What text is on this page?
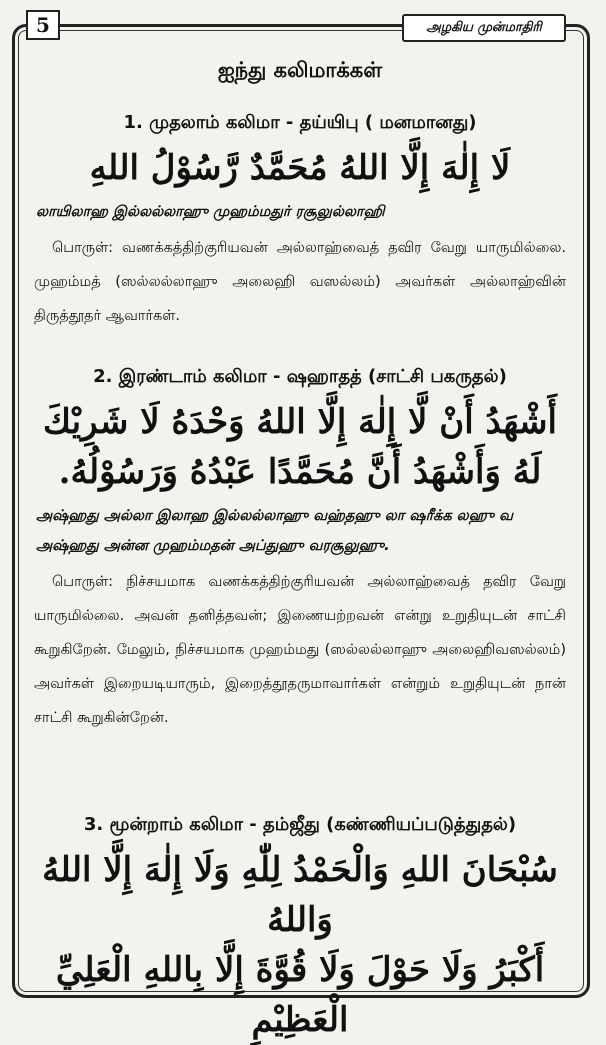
5	அழகிய முன்மாதிரி
ஐந்து கலிமாக்கள்
1. முதலாம் கலிமா - தய்யிபு ( மனமானது)

لَا إِلٰهَ إِلَّا اللهُ مُحَمَّدٌ رَّسُوْلُ اللهِ

லாயிலாஹ இல்லல்லாஹு முஹம்மதுர் ரசூலுல்லாஹி

பொருள்: வணக்கத்திற்குரியவன் அல்லாஹ்வைத் தவிர வேறு யாருமில்லை. முஹம்மத் (ஸல்லல்லாஹு அலைஹி வஸல்லம்) அவர்கள் அல்லாஹ்வின் திருத்தூதர் ஆவார்கள்.

2. இரண்டாம் கலிமா - ஷஹாதத் (சாட்சி பகருதல்)

أَشْهَدُ أَنْ لَّا إِلٰهَ إِلَّا اللهُ وَحْدَهُ لَا شَرِيْكَ

لَهُ وَأَشْهَدُ أَنَّ مُحَمَّدًا عَبْدُهُ وَرَسُوْلُهُ.

அஷ்ஹது அல்லா இலாஹ இல்லல்லாஹு வஹ்தஹு லா ஷரீக்க லஹு வ அஷ்ஹது அன்ன முஹம்மதன் அப்துஹு வரசூலுஹு.

பொருள்: நிச்சயமாக வணக்கத்திற்குரியவன் அல்லாஹ்வைத் தவிர வேறு யாருமில்லை. அவன் தனித்தவன்; இணையற்றவன் என்று உறுதியுடன் சாட்சி கூறுகிறேன். மேலும், நிச்சயமாக முஹம்மது (ஸல்லல்லாஹு அலைஹிவஸல்லம்) அவர்கள் இறையடியாரும், இறைத்தூதருமாவார்கள் என்றும் உறுதியுடன் நான் சாட்சி கூறுகின்றேன்.

3. மூன்றாம் கலிமா - தம்ஜீது (கண்ணியப்படுத்துதல்)

سُبْحَانَ اللهِ وَالْحَمْدُ لِلّٰهِ وَلَا إِلٰهَ إِلَّا اللهُ وَاللهُ

أَكْبَرُ وَلَا حَوْلَ وَلَا قُوَّةَ إِلَّا بِاللهِ الْعَلِيِّ الْعَظِيْمِ
